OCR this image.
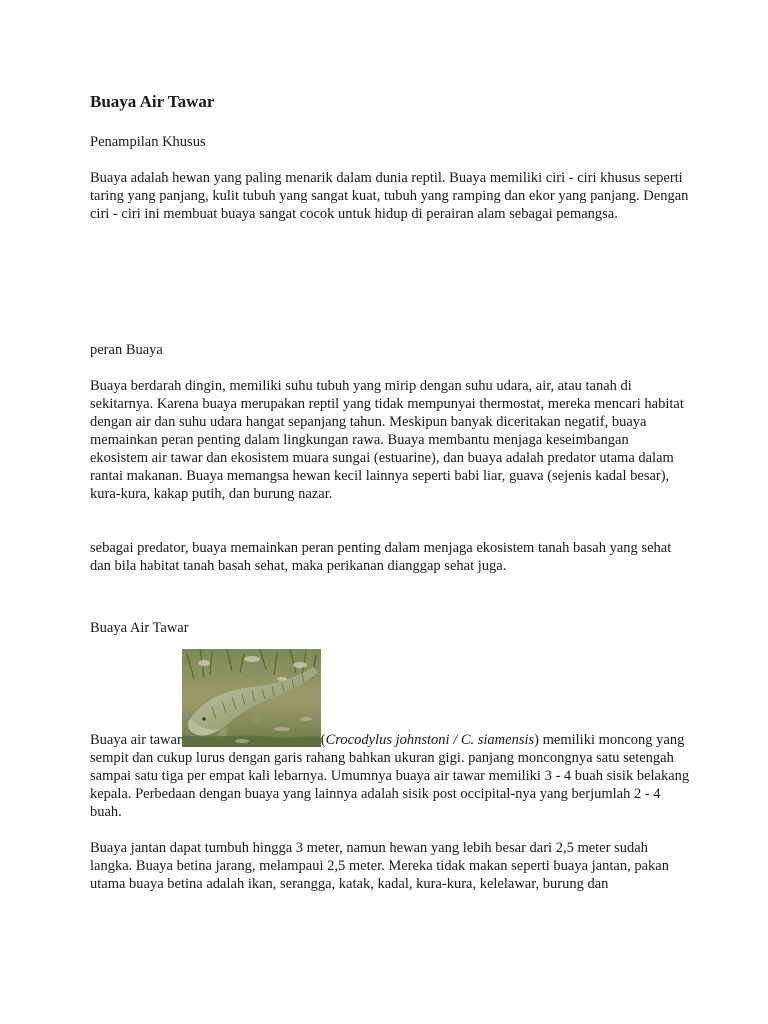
Buaya Air Tawar

Penampilan Khusus

Buaya adalah hewan yang paling menarik dalam dunia reptil. Buaya memiliki ciri - ciri khusus seperti taring yang panjang, kulit tubuh yang sangat kuat, tubuh yang ramping dan ekor yang panjang. Dengan ciri - ciri ini membuat buaya sangat cocok untuk hidup di perairan alam sebagai pemangsa.

peran Buaya

Buaya berdarah dingin, memiliki suhu tubuh yang mirip dengan suhu udara, air, atau tanah di sekitarnya. Karena buaya merupakan reptil yang tidak mempunyai thermostat, mereka mencari habitat dengan air dan suhu udara hangat sepanjang tahun. Meskipun banyak diceritakan negatif, buaya memainkan peran penting dalam lingkungan rawa. Buaya membantu menjaga keseimbangan ekosistem air tawar dan ekosistem muara sungai (estuarine), dan buaya adalah predator utama dalam rantai makanan. Buaya memangsa hewan kecil lainnya seperti babi liar, guava (sejenis kadal besar), kura-kura, kakap putih, dan burung nazar.

sebagai predator, buaya memainkan peran penting dalam menjaga ekosistem tanah basah yang sehat dan bila habitat tanah basah sehat, maka perikanan dianggap sehat juga.

Buaya Air Tawar

Buaya air tawar	(Crocodylus johnstoni / C. siamensis) memiliki moncong yang sempit dan cukup lurus dengan garis rahang bahkan ukuran gigi. panjang moncongnya satu setengah sampai satu tiga per empat kali lebarnya. Umumnya buaya air tawar memiliki 3 - 4 buah sisik belakang kepala. Perbedaan dengan buaya yang lainnya adalah sisik post occipital-nya yang berjumlah 2 - 4 buah.

Buaya jantan dapat tumbuh hingga 3 meter, namun hewan yang lebih besar dari 2,5 meter sudah langka. Buaya betina jarang, melampaui 2,5 meter. Mereka tidak makan seperti buaya jantan, pakan utama buaya betina adalah ikan, serangga, katak, kadal, kura-kura, kelelawar, burung dan
